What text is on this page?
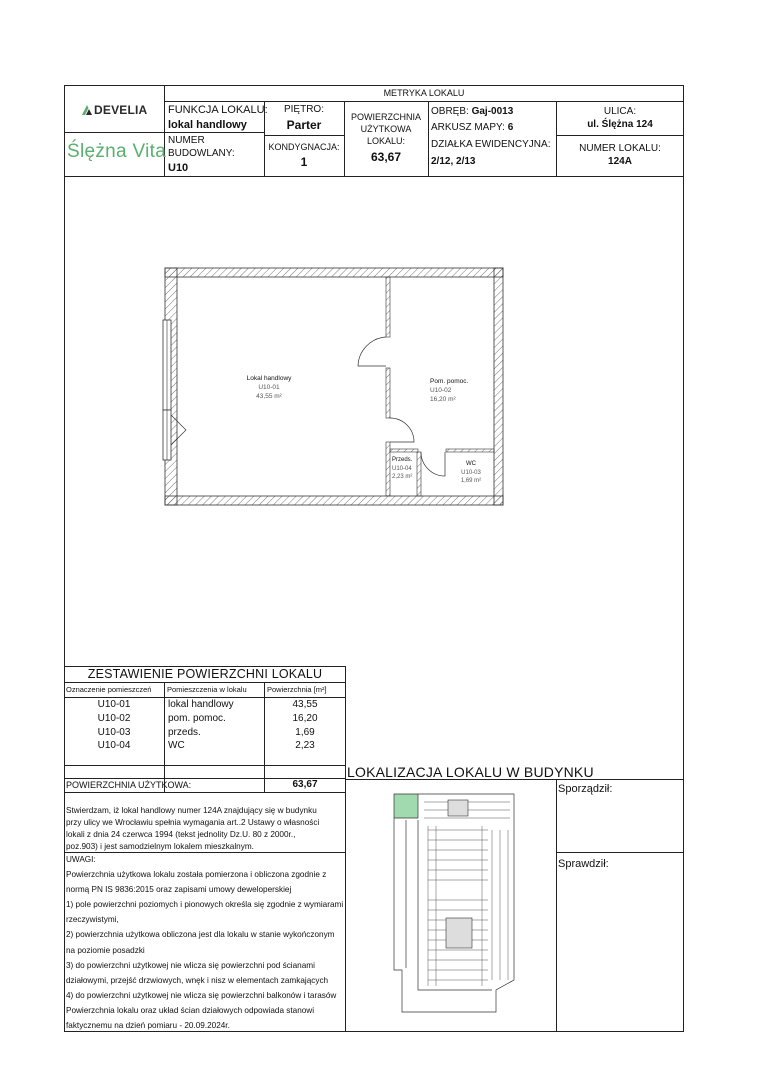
METRYKA LOKALU
DEVELIA
Ślężna Vita
FUNKCJA LOKALU:
lokal handlowy
NUMER
BUDOWLANY:
U10
PIĘTRO:
Parter
KONDYGNACJA:
1
POWIERZCHNIA
UŻYTKOWA
LOKALU:
63,67
OBRĘB: Gaj-0013
ARKUSZ MAPY: 6
DZIAŁKA EWIDENCYJNA:
2/12, 2/13
ULICA:
ul. Ślężna 124
NUMER LOKALU:
124A
Lokal handlowy
U10-01
43,55 m²
Pom. pomoc.
U10-02
16,20 m²
Przeds.
U10-04
2,23 m²
WC
U10-03
1,69 m²
ZESTAWIENIE POWIERZCHNI LOKALU
Oznaczenie pomieszczeń Pomieszczenia w lokalu	Powierzchnia [m²]
U10-01
U10-02
U10-03
U10-04
lokal handlowy
pom. pomoc.
przeds.
WC
43,55
16,20
1,69
2,23
POWIERZCHNIA UŻYTKOWA:	63,67
Stwierdzam, iż lokal handlowy numer 124A znajdujący się w budynku
przy ulicy we Wrocławiu spełnia wymagania art..2 Ustawy o własności
lokali z dnia 24 czerwca 1994 (tekst jednolity Dz.U. 80 z 2000r.,
poz.903) i jest samodzielnym lokalem mieszkalnym.
UWAGI:
Powierzchnia użytkowa lokalu została pomierzona i obliczona zgodnie z
normą PN IS 9836:2015 oraz zapisami umowy deweloperskiej
1) pole powierzchni poziomych i pionowych określa się zgodnie z wymiarami
rzeczywistymi,
2) powierzchnia użytkowa obliczona jest dla lokalu w stanie wykończonym
na poziomie posadzki
3) do powierzchni użytkowej nie wlicza się powierzchni pod ścianami
działowymi, przejść drzwiowych, wnęk i nisz w elementach zamkających
4) do powierzchni użytkowej nie wlicza się powierzchni balkonów i tarasów
Powierzchnia lokalu oraz układ ścian działowych odpowiada stanowi
faktycznemu na dzień pomiaru - 20.09.2024r.
LOKALIZACJA LOKALU W BUDYNKU
Sporządził:
Sprawdził:
